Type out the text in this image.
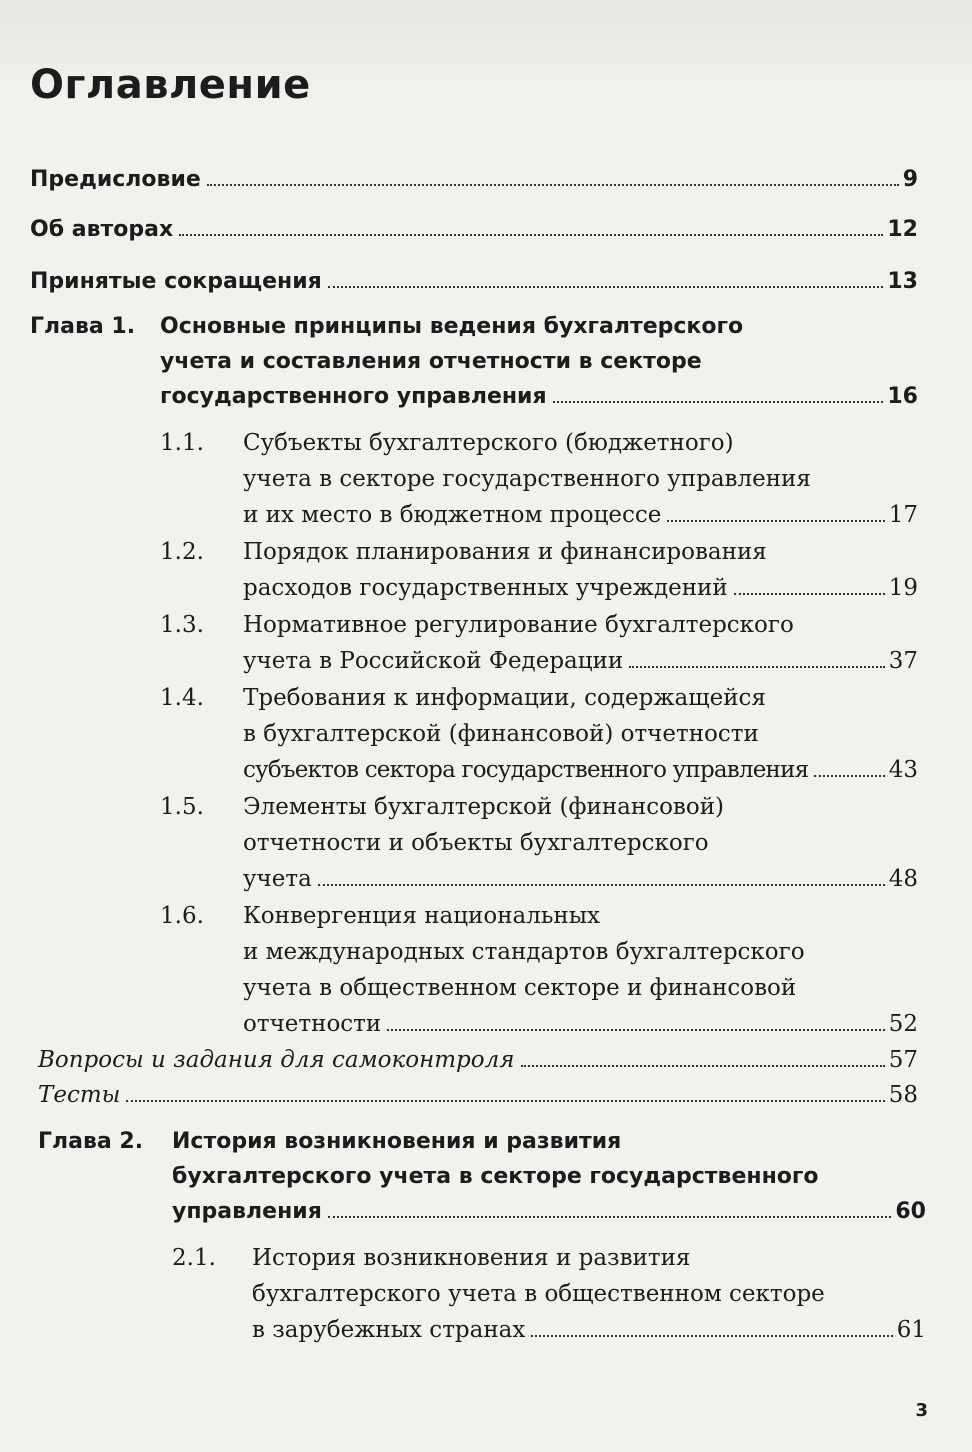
Оглавление
Предисловие	9
Об авторах	12
Принятые сокращения	13
Глава 1. Основные принципы ведения бухгалтерского
учета и составления отчетности в секторе
государственного управления	16
1.1. Субъекты бухгалтерского (бюджетного)
учета в секторе государственного управления
и их место в бюджетном процессе	17
1.2. Порядок планирования и финансирования
расходов государственных учреждений	19
1.3. Нормативное регулирование бухгалтерского
учета в Российской Федерации	37
1.4. Требования к информации, содержащейся
в бухгалтерской (финансовой) отчетности
субъектов сектора государственного управления	43
1.5. Элементы бухгалтерской (финансовой)
отчетности и объекты бухгалтерского
учета	48
1.6. Конвергенция национальных
и международных стандартов бухгалтерского
учета в общественном секторе и финансовой
отчетности	52
Вопросы и задания для самоконтроля	57
Тесты	58
Глава 2. История возникновения и развития
бухгалтерского учета в секторе государственного
управления	60
2.1. История возникновения и развития
бухгалтерского учета в общественном секторе
в зарубежных странах	61
3
